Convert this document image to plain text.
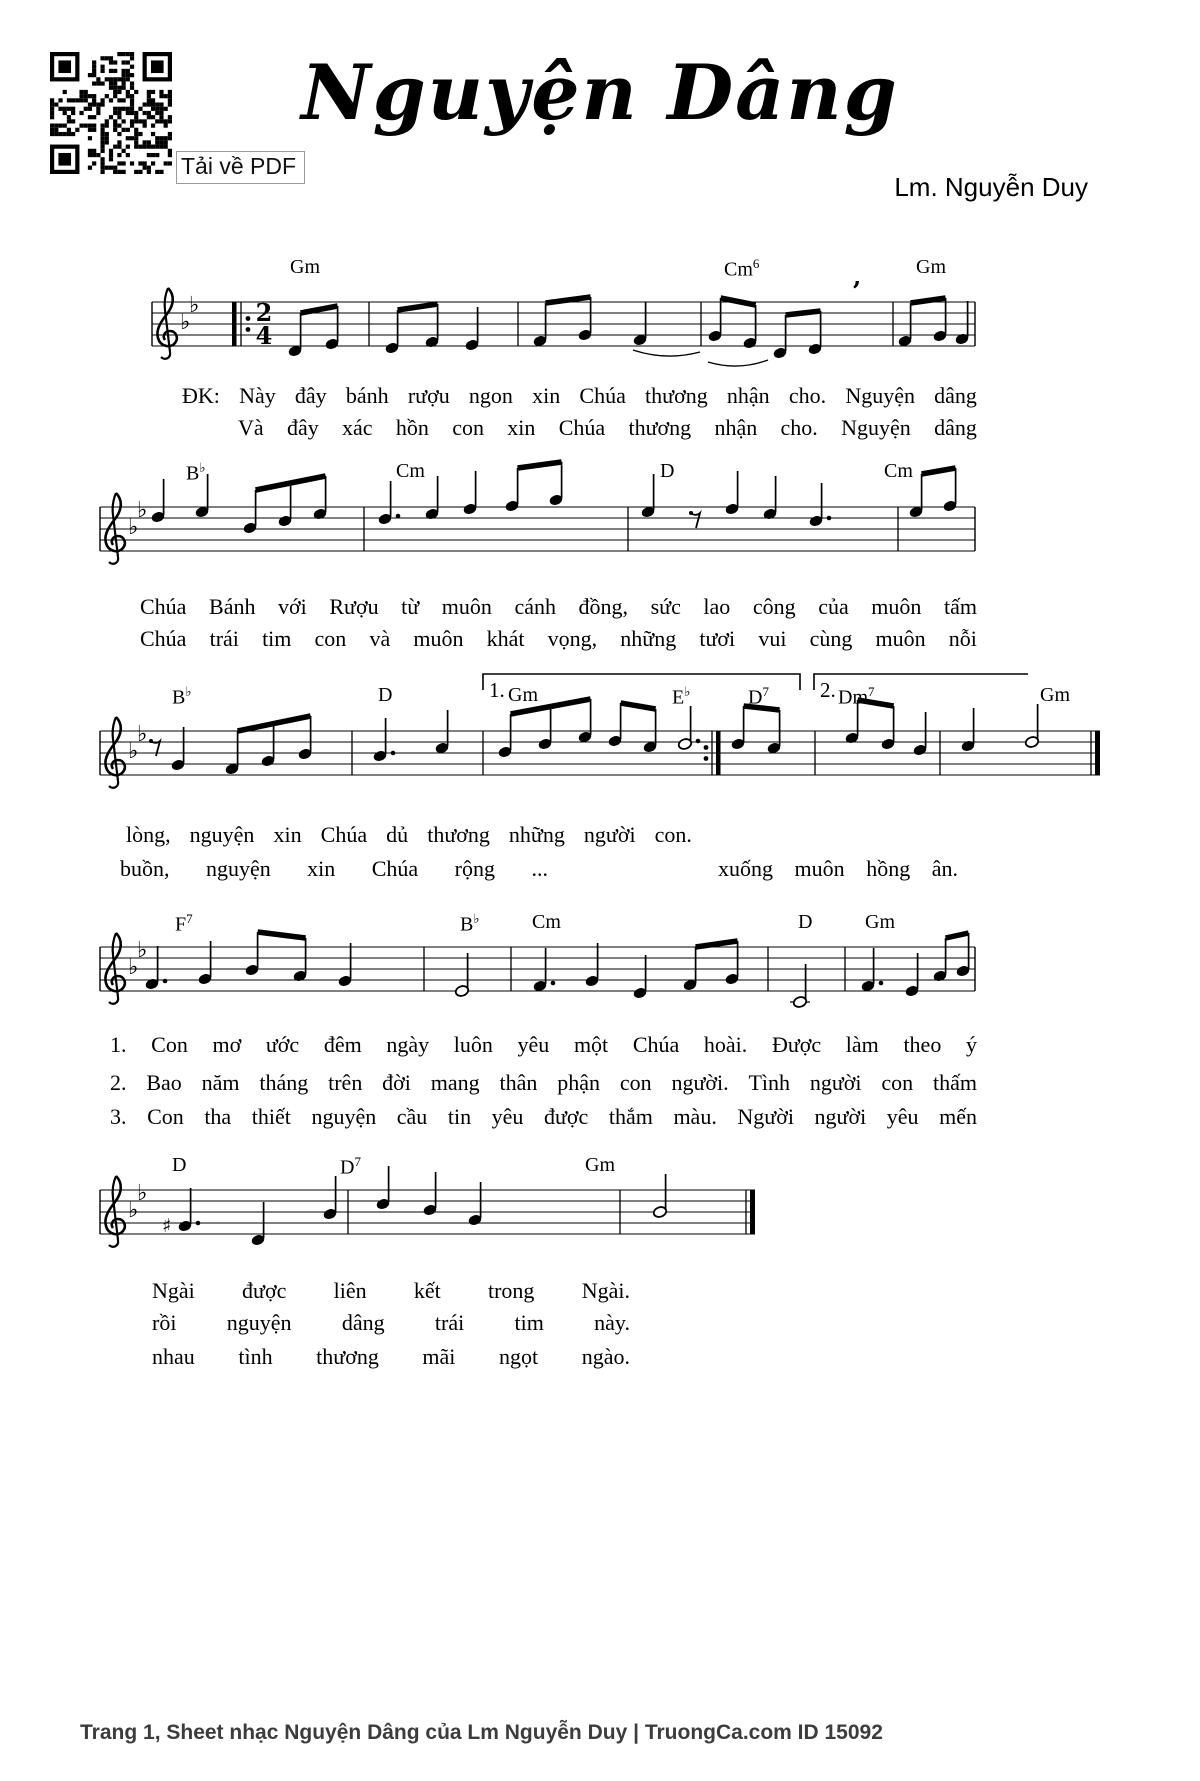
Tải về PDF
Nguyện Dâng
Lm. Nguyễn Duy
♭
♭ 2
4
’
Gm	Cm$^6$	Gm
ĐK: Này đây bánh rượu ngon xin Chúa thương nhận cho. Nguyện dâng
Và đây xác hồn con xin Chúa thương nhận cho. Nguyện dâng
♭
♭
B♭	Cm	D	Cm
Chúa Bánh với Rượu từ muôn cánh đồng, sức lao công của muôn tấm
Chúa trái tim con và muôn khát vọng, những tươi vui cùng muôn nỗi
♭
♭
B♭	D	Gm	E♭	$D^7$	Dm$^7$	Gm
1.	2.
lòng, nguyện xin Chúa dủ thương những người con.
buồn, nguyện xin Chúa rộng ...	xuống muôn hồng ân.
♭
♭
$F^7$	B♭	Cm	D	Gm
1. Con mơ ước đêm ngày luôn yêu một Chúa hoài. Được làm theo ý
2. Bao năm tháng trên đời mang thân phận con người. Tình người con thấm
3. Con tha thiết nguyện cầu tin yêu được thắm màu. Người người yêu mến
♭
♭
♯
D	$D^7$	Gm
Ngài được liên kết trong Ngài.
rồi nguyện dâng trái tim này.
nhau tình thương mãi ngọt ngào.
Trang 1, Sheet nhạc Nguyện Dâng của Lm Nguyễn Duy | TruongCa.com ID 15092
